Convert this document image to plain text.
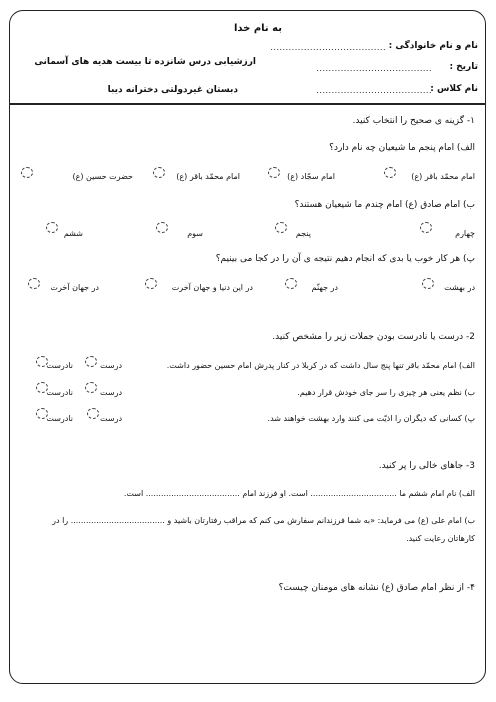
به نام خدا
نام و نام خانوادگی :
......................................
تاریخ :
......................................
نام کلاس :
......................................
ارزشیابی درس شانزده تا بیست هدیه های آسمانی
دبستان غیردولتی دخترانه دیبا
۱- گزینه ی صحیح را انتخاب کنید.
الف) امام پنجم ما شیعیان چه نام دارد؟
امام محمّد باقر (ع)
امام سجّاد (ع)
امام محمّد باقر (ع)
حضرت حسین (ع)
ب) امام صادق (ع) امام چندم ما شیعیان هستند؟
چهارم
پنجم
سوم
ششم
پ) هر کار خوب یا بدی که انجام دهیم نتیجه ی آن را در کجا می بینیم؟
در بهشت
در جهنّم
در این دنیا و جهان آخرت
در جهان آخرت
2- درست یا نادرست بودن جملات زیر را مشخص کنید.
الف) امام محمّد باقر تنها پنج سال داشت که در کربلا در کنار پدرش امام حسین حضور داشت.
درست
نادرست
ب) نظم یعنی هر چیزی را سر جای خودش قرار دهیم.
درست
نادرست
پ) کسانی که دیگران را اذیّت می کنند وارد بهشت خواهند شد.
درست
نادرست
3- جاهای خالی را پر کنید.
الف) نام امام ششم ما .................................. است. او فرزند امام ..................................... است.
ب) امام علی (ع) می فرماید: «به شما فرزندانم سفارش می کنم که مراقب رفتارتان باشید و ..................................... را در
کارهاتان رعایت کنید.
۴- از نظر امام صادق (ع) نشانه های مومنان چیست؟
